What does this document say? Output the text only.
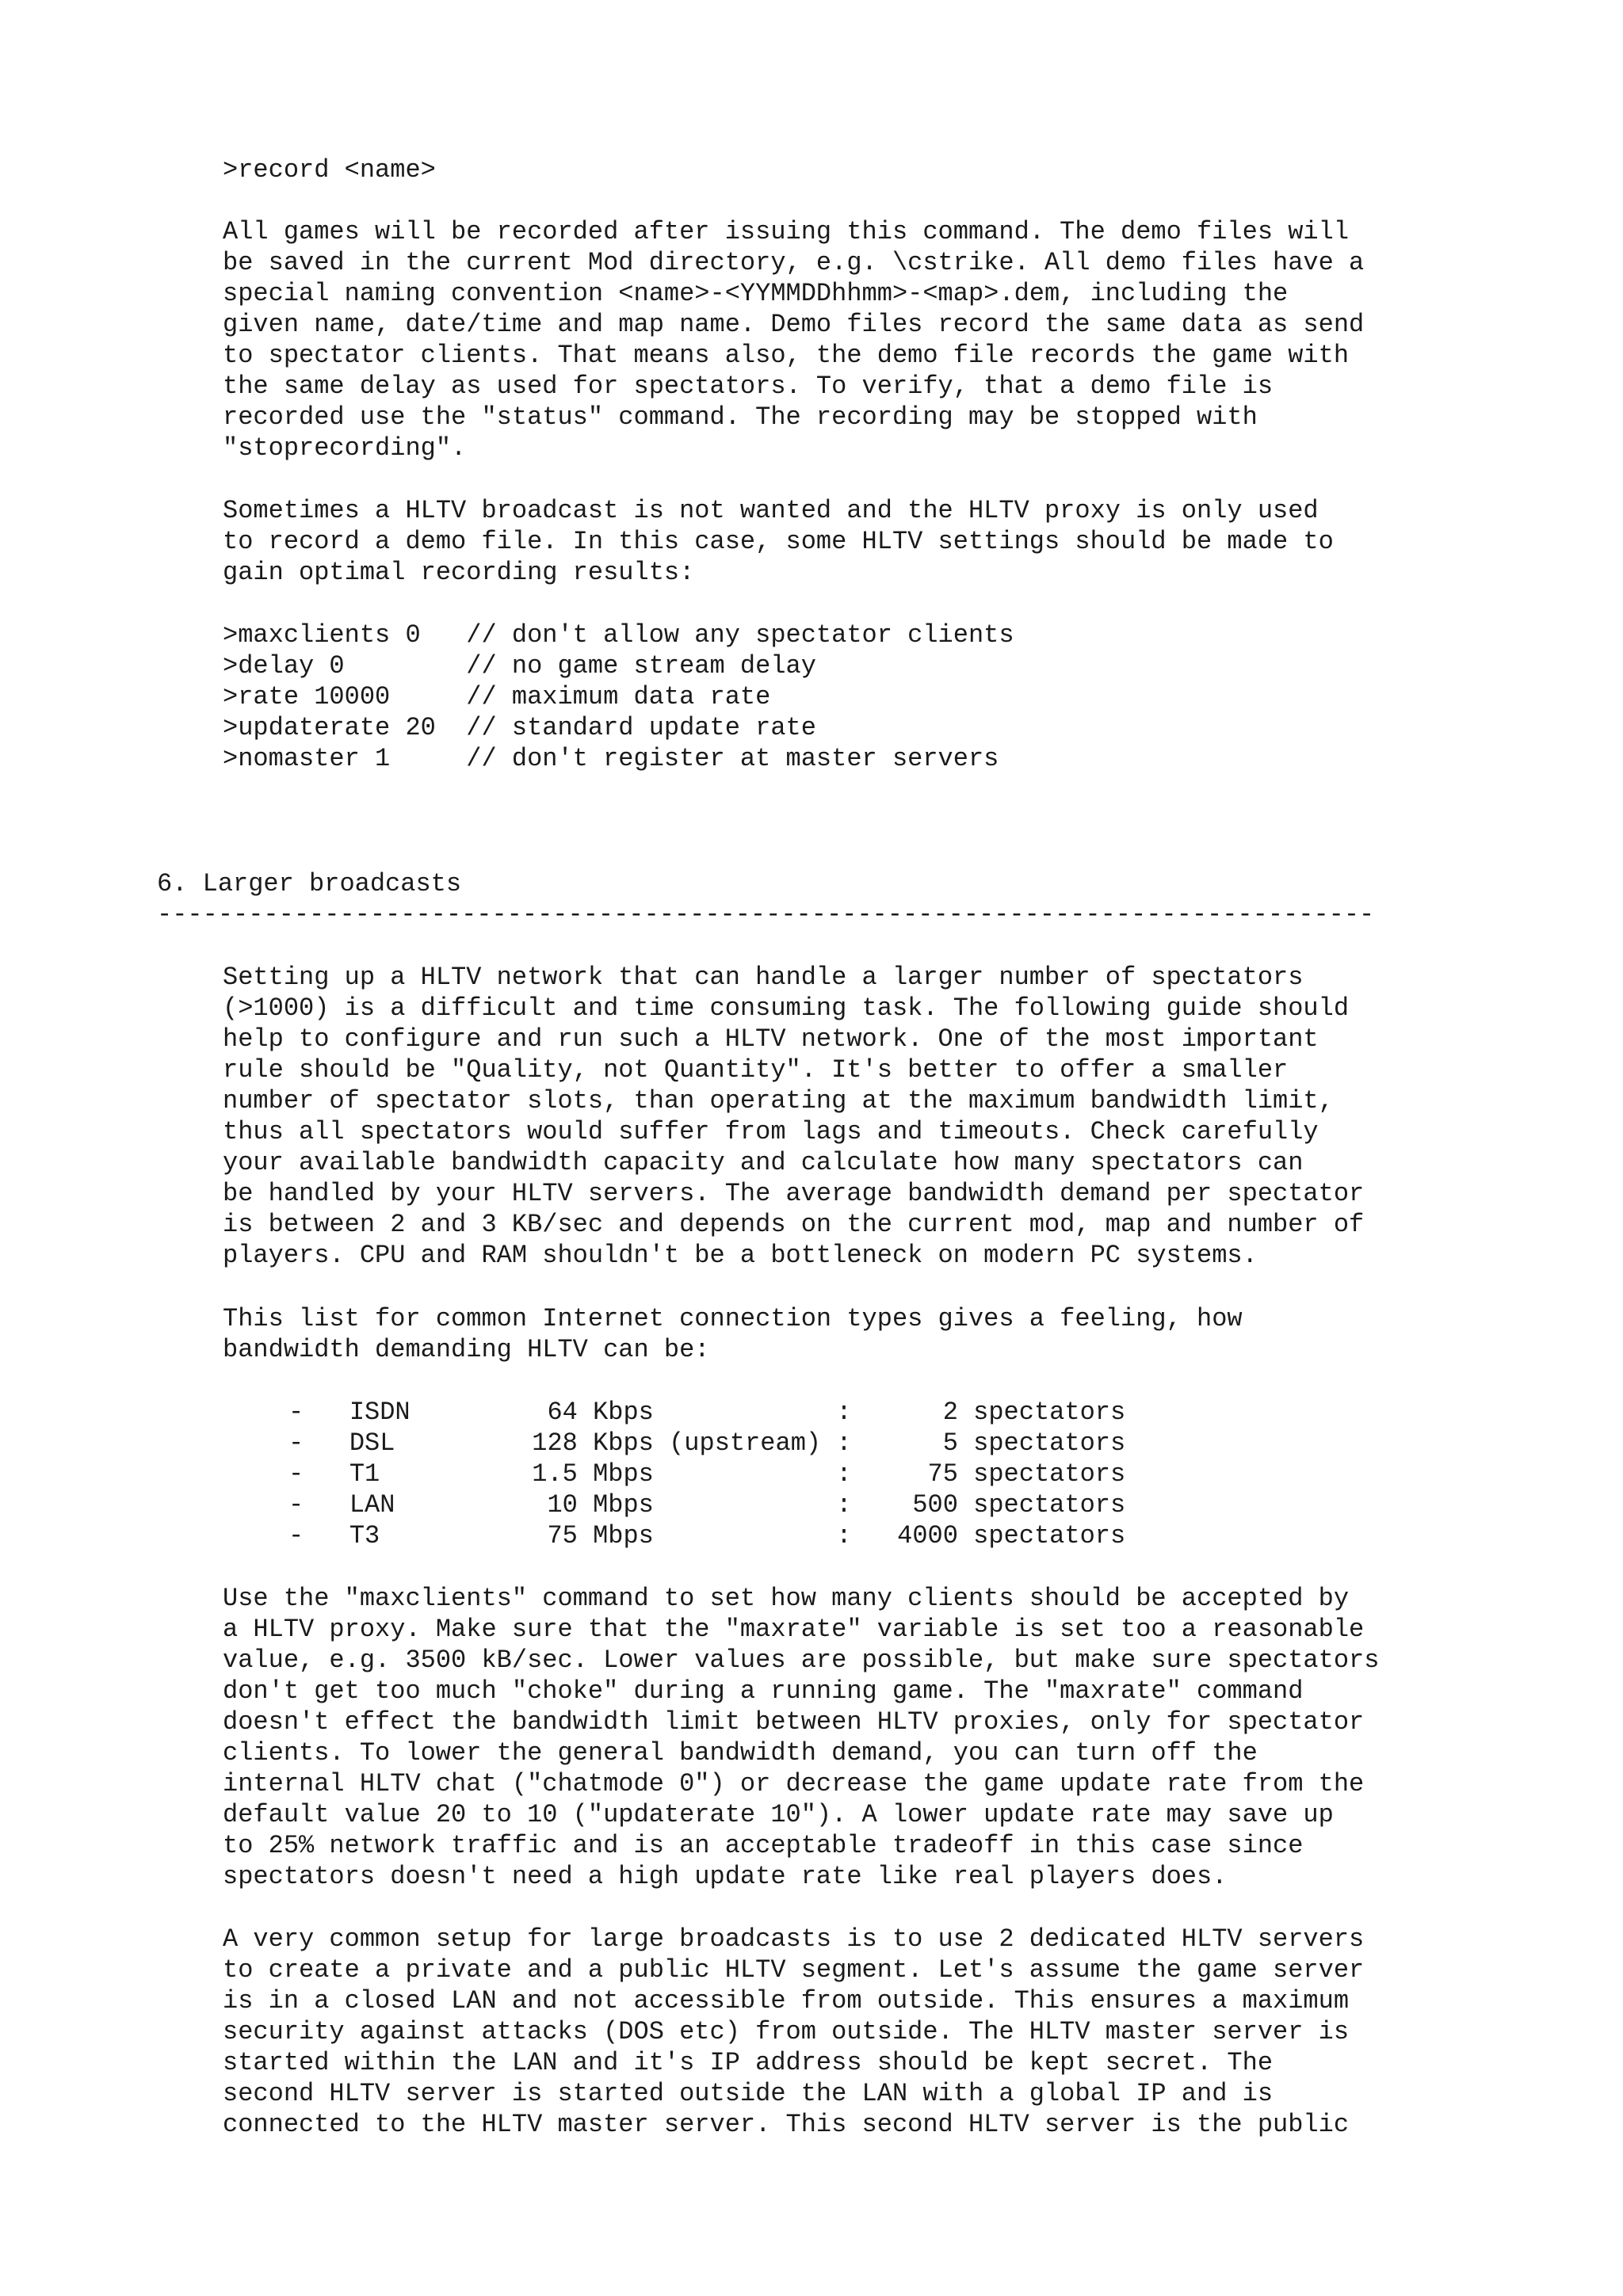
>record <name>
All games will be recorded after issuing this command. The demo files will
be saved in the current Mod directory, e.g. \cstrike. All demo files have a
special naming convention <name>-<YYMMDDhhmm>-<map>.dem, including the
given name, date/time and map name. Demo files record the same data as send
to spectator clients. That means also, the demo file records the game with
the same delay as used for spectators. To verify, that a demo file is
recorded use the "status" command. The recording may be stopped with
"stoprecording".
Sometimes a HLTV broadcast is not wanted and the HLTV proxy is only used
to record a demo file. In this case, some HLTV settings should be made to
gain optimal recording results:
>maxclients 0   // don't allow any spectator clients
>delay 0        // no game stream delay
>rate 10000     // maximum data rate
>updaterate 20  // standard update rate
>nomaster 1     // don't register at master servers
6. Larger broadcasts
--------------------------------------------------------------------------------
Setting up a HLTV network that can handle a larger number of spectators
(>1000) is a difficult and time consuming task. The following guide should
help to configure and run such a HLTV network. One of the most important
rule should be "Quality, not Quantity". It's better to offer a smaller
number of spectator slots, than operating at the maximum bandwidth limit,
thus all spectators would suffer from lags and timeouts. Check carefully
your available bandwidth capacity and calculate how many spectators can
be handled by your HLTV servers. The average bandwidth demand per spectator
is between 2 and 3 KB/sec and depends on the current mod, map and number of
players. CPU and RAM shouldn't be a bottleneck on modern PC systems.
This list for common Internet connection types gives a feeling, how
bandwidth demanding HLTV can be:
-   ISDN         64 Kbps            :      2 spectators
-   DSL         128 Kbps (upstream) :      5 spectators
-   T1          1.5 Mbps            :     75 spectators
-   LAN          10 Mbps            :    500 spectators
-   T3           75 Mbps            :   4000 spectators
Use the "maxclients" command to set how many clients should be accepted by
a HLTV proxy. Make sure that the "maxrate" variable is set too a reasonable
value, e.g. 3500 kB/sec. Lower values are possible, but make sure spectators
don't get too much "choke" during a running game. The "maxrate" command
doesn't effect the bandwidth limit between HLTV proxies, only for spectator
clients. To lower the general bandwidth demand, you can turn off the
internal HLTV chat ("chatmode 0") or decrease the game update rate from the
default value 20 to 10 ("updaterate 10"). A lower update rate may save up
to 25% network traffic and is an acceptable tradeoff in this case since
spectators doesn't need a high update rate like real players does.
A very common setup for large broadcasts is to use 2 dedicated HLTV servers
to create a private and a public HLTV segment. Let's assume the game server
is in a closed LAN and not accessible from outside. This ensures a maximum
security against attacks (DOS etc) from outside. The HLTV master server is
started within the LAN and it's IP address should be kept secret. The
second HLTV server is started outside the LAN with a global IP and is
connected to the HLTV master server. This second HLTV server is the public
